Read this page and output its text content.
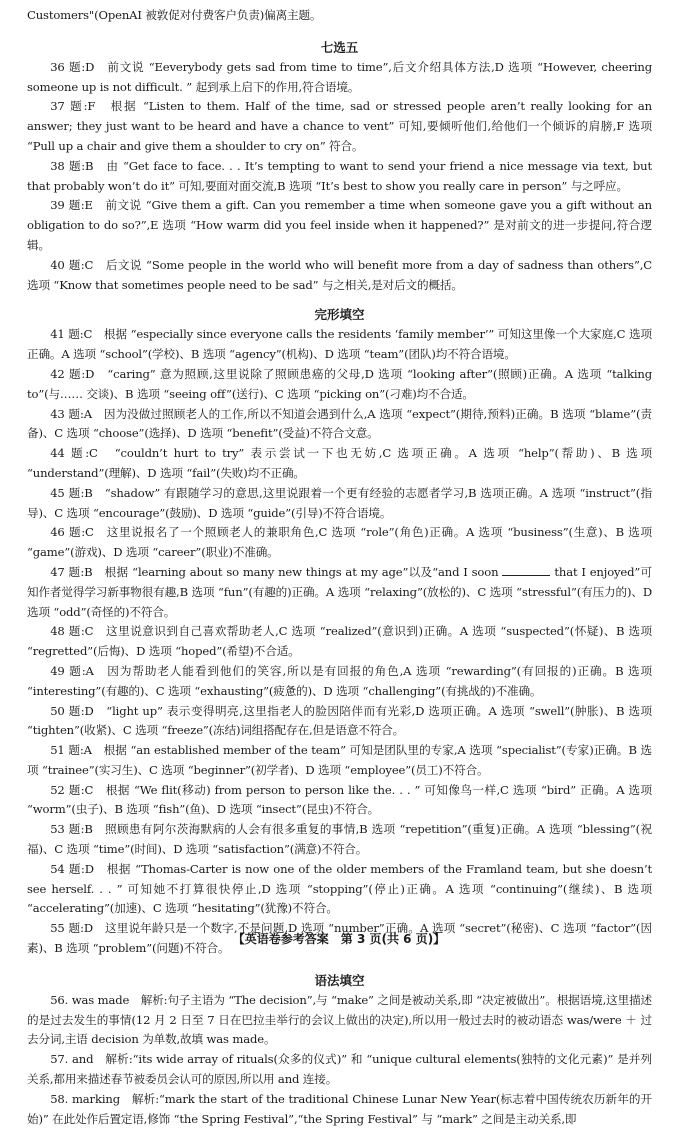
Customers"(OpenAI 被敦促对付费客户负责)偏离主题。

七选五

36 题:D　前文说 “Eeverybody gets sad from time to time”,后文介绍具体方法,D 选项 “However, cheering someone up is not difficult. ” 起到承上启下的作用,符合语境。

37 题:F　根据 “Listen to them. Half of the time, sad or stressed people aren’t really looking for an answer; they just want to be heard and have a chance to vent” 可知,要倾听他们,给他们一个倾诉的肩膀,F 选项 “Pull up a chair and give them a shoulder to cry on” 符合。

38 题:B　由 “Get face to face. . . It’s tempting to want to send your friend a nice message via text, but that probably won’t do it” 可知,要面对面交流,B 选项 “It’s best to show you really care in person” 与之呼应。

39 题:E　前文说 “Give them a gift. Can you remember a time when someone gave you a gift without an obligation to do so?”,E 选项 “How warm did you feel inside when it happened?” 是对前文的进一步提问,符合逻辑。

40 题:C　后文说 “Some people in the world who will benefit more from a day of sadness than others”,C 选项 “Know that sometimes people need to be sad” 与之相关,是对后文的概括。

完形填空

41 题:C　根据 “especially since everyone calls the residents ‘family member’” 可知这里像一个大家庭,C 选项正确。A 选项 “school”(学校)、B 选项 “agency”(机构)、D 选项 “team”(团队)均不符合语境。

42 题:D　“caring” 意为照顾,这里说除了照顾患癌的父母,D 选项 “looking after”(照顾)正确。A 选项 “talking to”(与…… 交谈)、B 选项 “seeing off”(送行)、C 选项 “picking on”(刁难)均不合适。

43 题:A　因为没做过照顾老人的工作,所以不知道会遇到什么,A 选项 “expect”(期待,预料)正确。B 选项 “blame”(责备)、C 选项 “choose”(选择)、D 选项 “benefit”(受益)不符合文意。

44 题:C　“couldn’t hurt to try” 表示尝试一下也无妨,C 选项正确。A 选项 “help”(帮助)、B 选项 “understand”(理解)、D 选项 “fail”(失败)均不正确。

45 题:B　“shadow” 有跟随学习的意思,这里说跟着一个更有经验的志愿者学习,B 选项正确。A 选项 “instruct”(指导)、C 选项 “encourage”(鼓励)、D 选项 “guide”(引导)不符合语境。

46 题:C　这里说报名了一个照顾老人的兼职角色,C 选项 “role”(角色)正确。A 选项 “business”(生意)、B 选项 “game”(游戏)、D 选项 “career”(职业)不准确。

47 题:B　根据 “learning about so many new things at my age”以及“and I soon	that I enjoyed”可知作者觉得学习新事物很有趣,B 选项 “fun”(有趣的)正确。A 选项 “relaxing”(放松的)、C 选项 “stressful”(有压力的)、D 选项 “odd”(奇怪的)不符合。

48 题:C　这里说意识到自己喜欢帮助老人,C 选项 “realized”(意识到)正确。A 选项 “suspected”(怀疑)、B 选项 “regretted”(后悔)、D 选项 “hoped”(希望)不合适。

49 题:A　因为帮助老人能看到他们的笑容,所以是有回报的角色,A 选项 “rewarding”(有回报的)正确。B 选项 “interesting”(有趣的)、C 选项 “exhausting”(疲惫的)、D 选项 “challenging”(有挑战的)不准确。

50 题:D　“light up” 表示变得明亮,这里指老人的脸因陪伴而有光彩,D 选项正确。A 选项 “swell”(肿胀)、B 选项 “tighten”(收紧)、C 选项 “freeze”(冻结)词组搭配存在,但是语意不符合。

51 题:A　根据 “an established member of the team” 可知是团队里的专家,A 选项 “specialist”(专家)正确。B 选项 “trainee”(实习生)、C 选项 “beginner”(初学者)、D 选项 “employee”(员工)不符合。

52 题:C　根据 “We flit(移动) from person to person like the. . . ” 可知像鸟一样,C 选项 “bird” 正确。A 选项 “worm”(虫子)、B 选项 “fish”(鱼)、D 选项 “insect”(昆虫)不符合。

53 题:B　照顾患有阿尔茨海默病的人会有很多重复的事情,B 选项 “repetition”(重复)正确。A 选项 “blessing”(祝福)、C 选项 “time”(时间)、D 选项 “satisfaction”(满意)不符合。

54 题:D　根据 “Thomas-Carter is now one of the older members of the Framland team, but she doesn’t see herself. . . ” 可知她不打算很快停止,D 选项 “stopping”(停止)正确。A 选项 “continuing”(继续)、B 选项 “accelerating”(加速)、C 选项 “hesitating”(犹豫)不符合。

55 题:D　这里说年龄只是一个数字,不是问题,D 选项 “number”正确。A 选项 “secret”(秘密)、C 选项 “factor”(因素)、B 选项 “problem”(问题)不符合。

语法填空

56. was made　解析:句子主语为 “The decision”,与 “make” 之间是被动关系,即 “决定被做出”。根据语境,这里描述的是过去发生的事情(12 月 2 日至 7 日在巴拉圭举行的会议上做出的决定),所以用一般过去时的被动语态 was/were ＋ 过去分词,主语 decision 为单数,故填 was made。

57. and　解析:“its wide array of rituals(众多的仪式)” 和 “unique cultural elements(独特的文化元素)” 是并列关系,都用来描述春节被委员会认可的原因,所以用 and 连接。

58. marking　解析:“mark the start of the traditional Chinese Lunar New Year(标志着中国传统农历新年的开始)” 在此处作后置定语,修饰 “the Spring Festival”,“the Spring Festival” 与 “mark” 之间是主动关系,即

【英语卷参考答案　第 3 页(共 6 页)】
